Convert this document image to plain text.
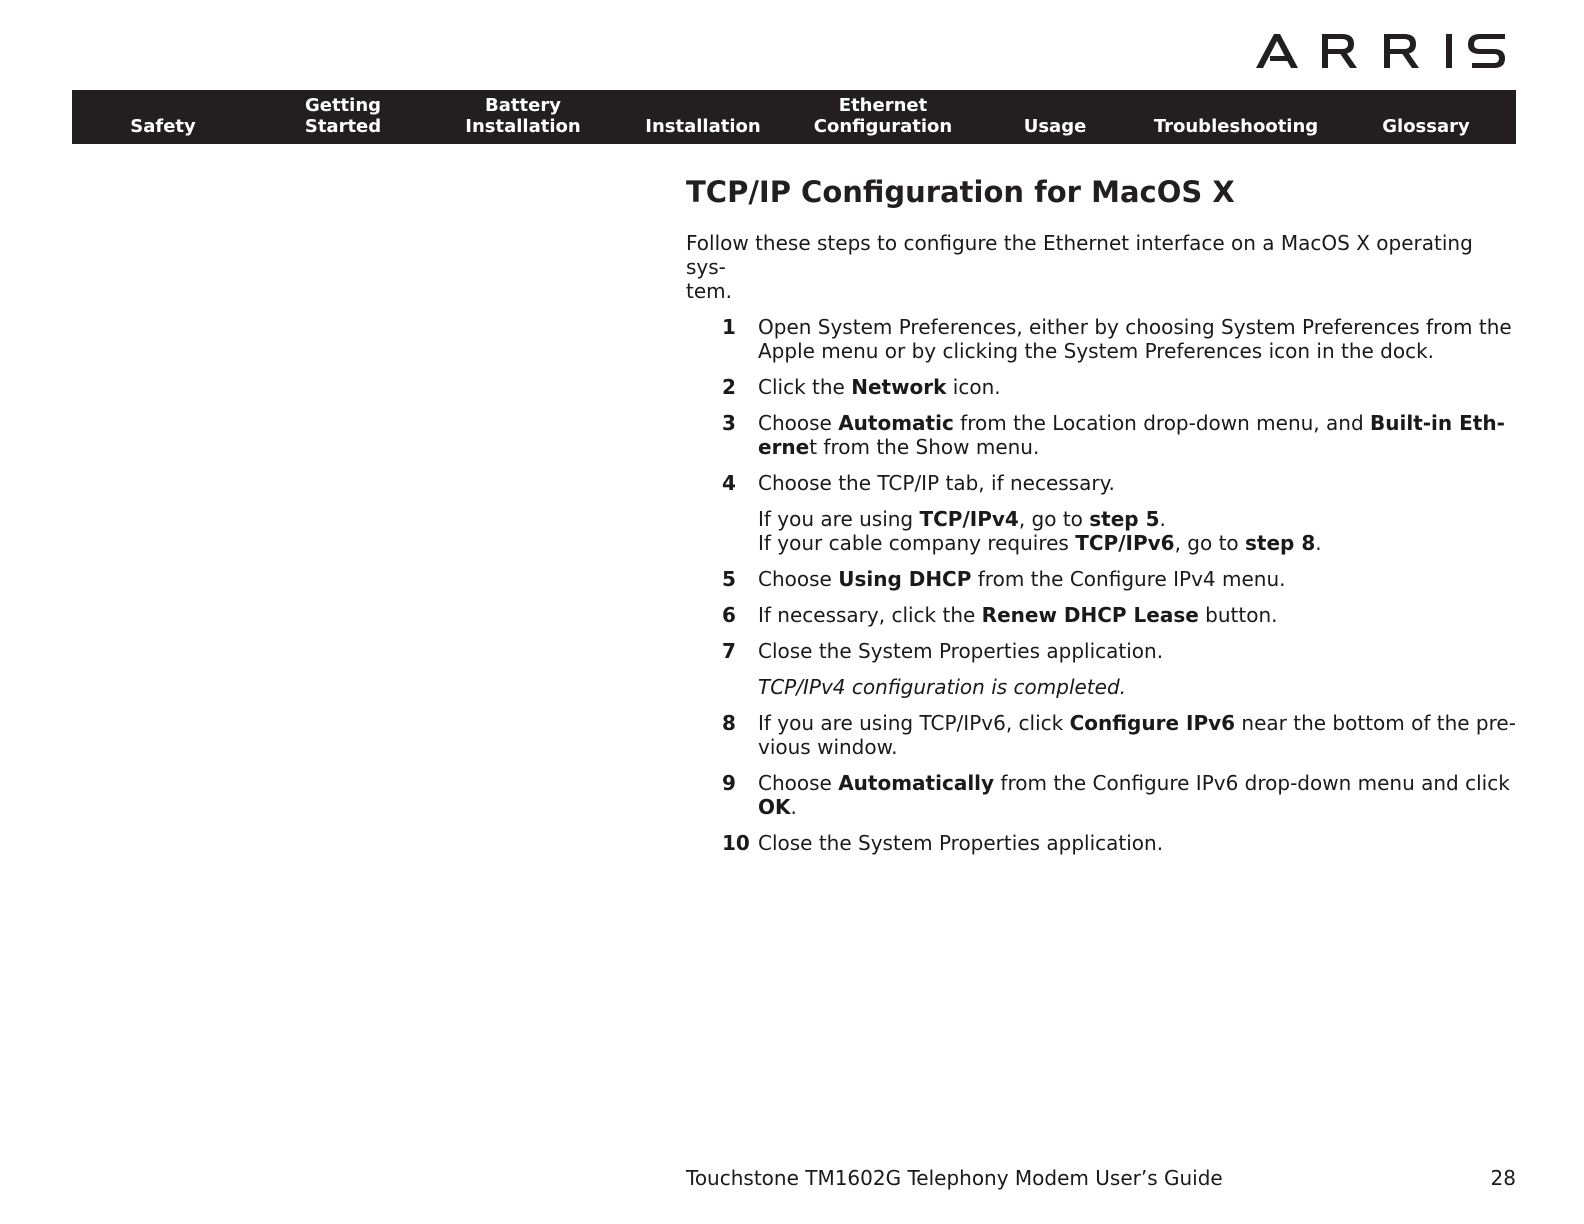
Safety
Getting
Started
Battery
Installation	Installation
Ethernet
Configuration	Usage	Troubleshooting	Glossary
TCP/IP Configuration for MacOS X

Follow these steps to configure the Ethernet interface on a MacOS X operating sys-
tem.

1 Open System Preferences, either by choosing System Preferences from the
Apple menu or by clicking the System Preferences icon in the dock.
2 Click the Network icon.
3 Choose Automatic from the Location drop-down menu, and Built-in Eth-
ernet from the Show menu.
4 Choose the TCP/IP tab, if necessary.
If you are using TCP/IPv4, go to step 5.
If your cable company requires TCP/IPv6, go to step 8.
5 Choose Using DHCP from the Configure IPv4 menu.
6 If necessary, click the Renew DHCP Lease button.
7 Close the System Properties application.
TCP/IPv4 configuration is completed.
8 If you are using TCP/IPv6, click Configure IPv6 near the bottom of the pre-
vious window.
9 Choose Automatically from the Configure IPv6 drop-down menu and click
OK.
10 Close the System Properties application.
Touchstone TM1602G Telephony Modem User’s Guide	28
